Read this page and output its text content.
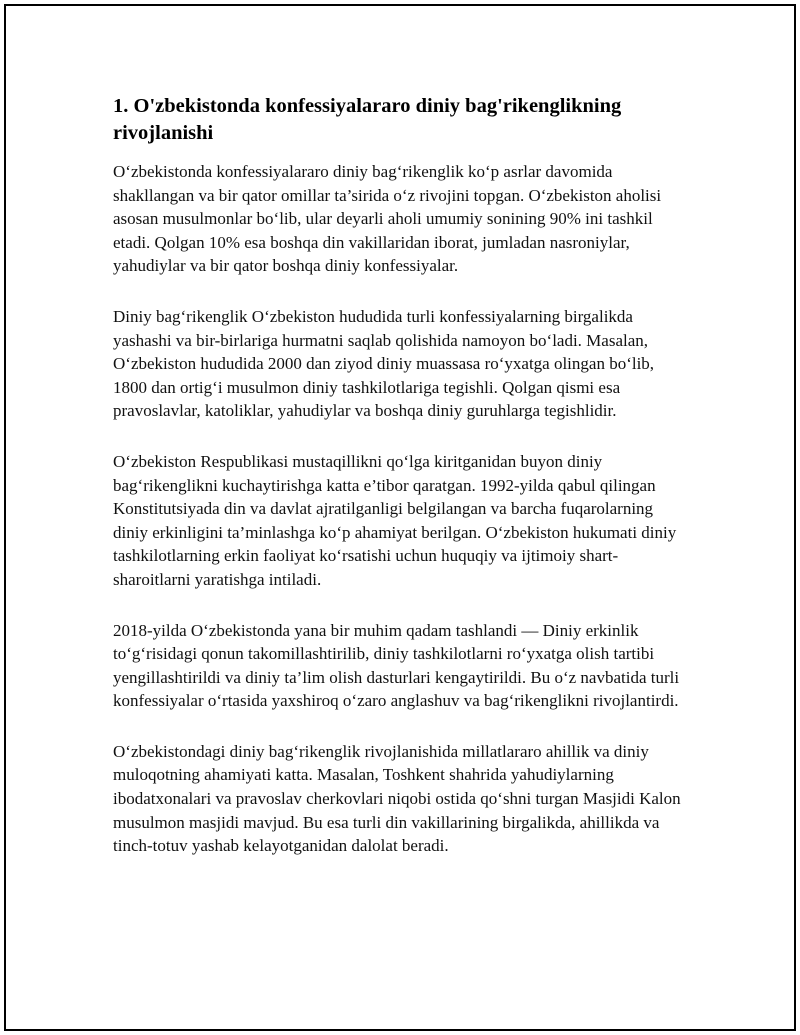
1. O'zbekistonda konfessiyalararo diniy bag'rikenglikning rivojlanishi

O‘zbekistonda konfessiyalararo diniy bag‘rikenglik ko‘p asrlar davomida shakllangan va bir qator omillar ta’sirida o‘z rivojini topgan. O‘zbekiston aholisi asosan musulmonlar bo‘lib, ular deyarli aholi umumiy sonining 90% ini tashkil etadi. Qolgan 10% esa boshqa din vakillaridan iborat, jumladan nasroniylar, yahudiylar va bir qator boshqa diniy konfessiyalar.

Diniy bag‘rikenglik O‘zbekiston hududida turli konfessiyalarning birgalikda yashashi va bir-birlariga hurmatni saqlab qolishida namoyon bo‘ladi. Masalan, O‘zbekiston hududida 2000 dan ziyod diniy muassasa ro‘yxatga olingan bo‘lib, 1800 dan ortig‘i musulmon diniy tashkilotlariga tegishli. Qolgan qismi esa pravoslavlar, katoliklar, yahudiylar va boshqa diniy guruhlarga tegishlidir.

O‘zbekiston Respublikasi mustaqillikni qo‘lga kiritganidan buyon diniy bag‘rikenglikni kuchaytirishga katta e’tibor qaratgan. 1992-yilda qabul qilingan Konstitutsiyada din va davlat ajratilganligi belgilangan va barcha fuqarolarning diniy erkinligini ta’minlashga ko‘p ahamiyat berilgan. O‘zbekiston hukumati diniy tashkilotlarning erkin faoliyat ko‘rsatishi uchun huquqiy va ijtimoiy shart-sharoitlarni yaratishga intiladi.

2018-yilda O‘zbekistonda yana bir muhim qadam tashlandi — Diniy erkinlik to‘g‘risidagi qonun takomillashtirilib, diniy tashkilotlarni ro‘yxatga olish tartibi yengillashtirildi va diniy ta’lim olish dasturlari kengaytirildi. Bu o‘z navbatida turli konfessiyalar o‘rtasida yaxshiroq o‘zaro anglashuv va bag‘rikenglikni rivojlantirdi.

O‘zbekistondagi diniy bag‘rikenglik rivojlanishida millatlararo ahillik va diniy muloqotning ahamiyati katta. Masalan, Toshkent shahrida yahudiylarning ibodatxonalari va pravoslav cherkovlari niqobi ostida qo‘shni turgan Masjidi Kalon musulmon masjidi mavjud. Bu esa turli din vakillarining birgalikda, ahillikda va tinch-totuv yashab kelayotganidan dalolat beradi.
